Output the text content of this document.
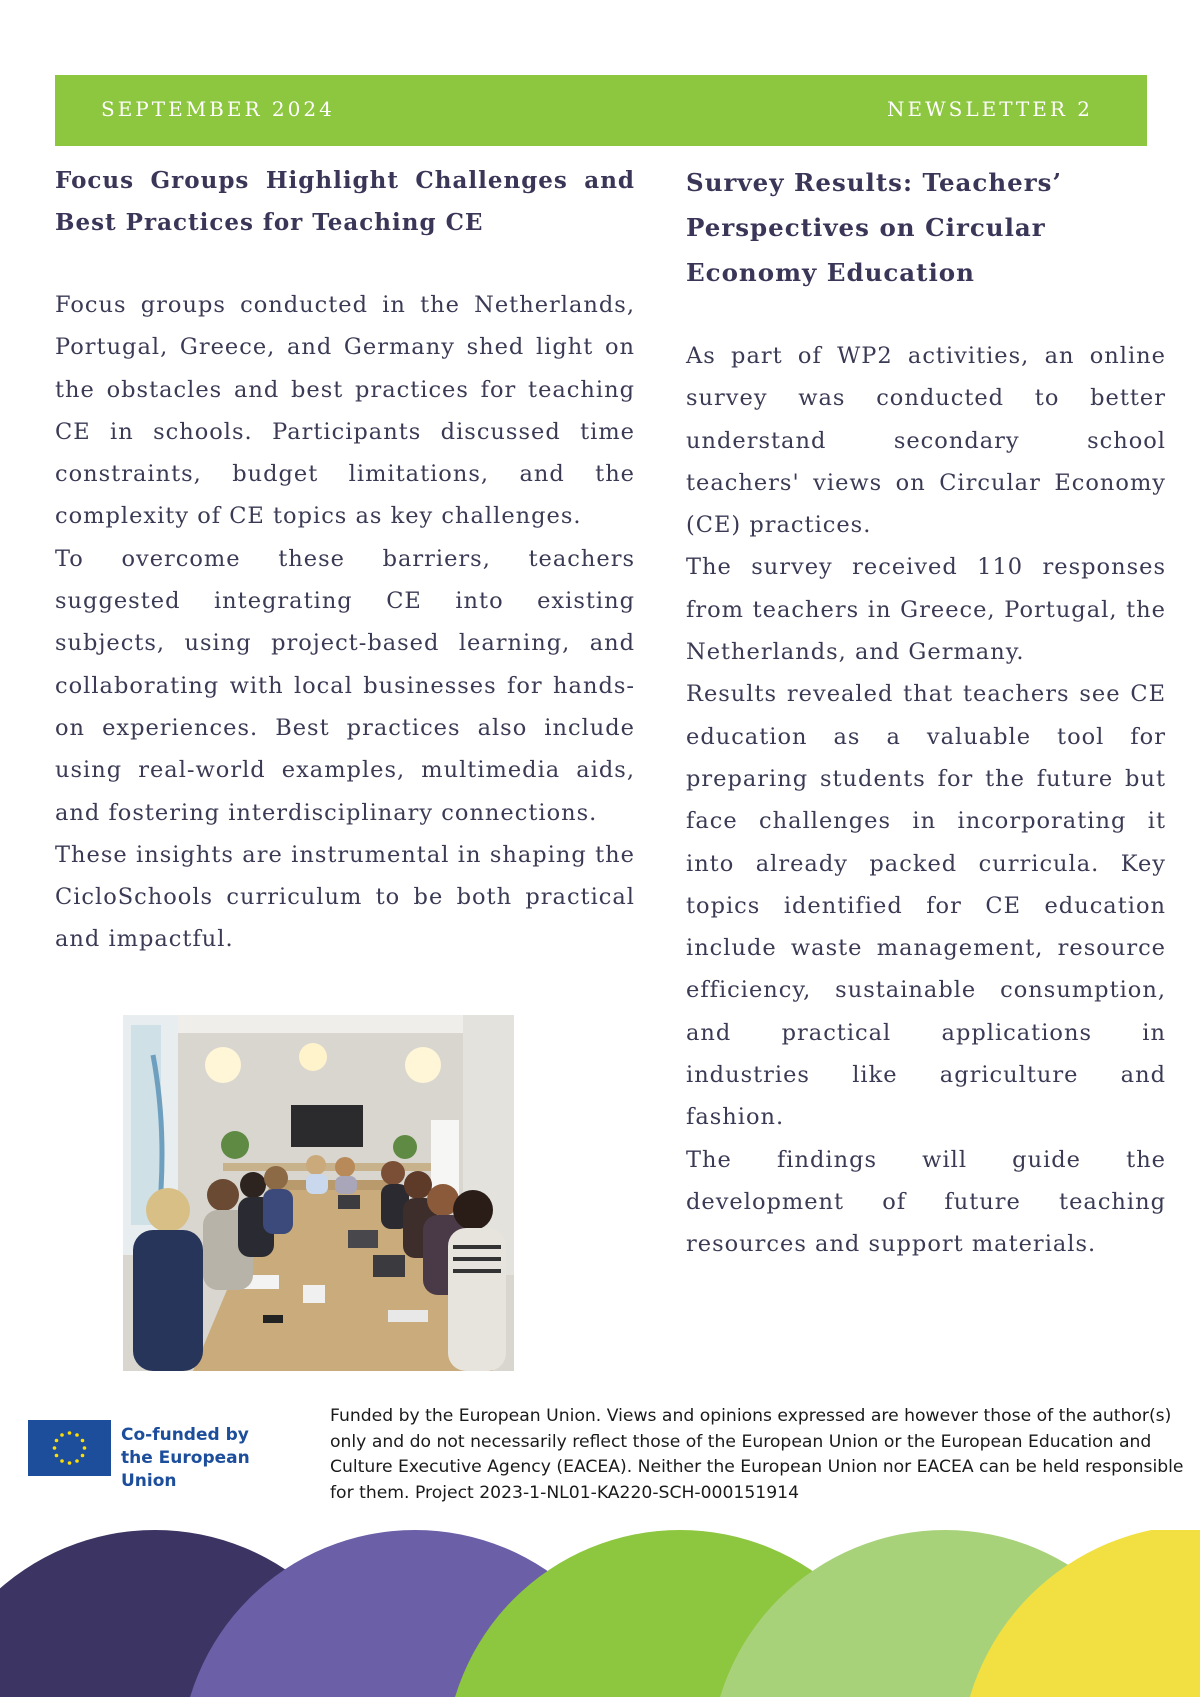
SEPTEMBER 2024	NEWSLETTER 2
Focus Groups Highlight Challenges and Best Practices for Teaching CE

Focus groups conducted in the Netherlands, Portugal, Greece, and Germany shed light on the obstacles and best practices for teaching CE in schools. Participants discussed time constraints, budget limitations, and the complexity of CE topics as key challenges.

To overcome these barriers, teachers suggested integrating CE into existing subjects, using project-based learning, and collaborating with local businesses for hands-on experiences. Best practices also include using real-world examples, multimedia aids, and fostering interdisciplinary connections.

These insights are instrumental in shaping the CicloSchools curriculum to be both practical and impactful.

Survey Results: Teachers’ Perspectives on Circular Economy Education

As part of WP2 activities, an online survey was conducted to better understand secondary school teachers' views on Circular Economy (CE) practices.

The survey received 110 responses from teachers in Greece, Portugal, the Netherlands, and Germany.

Results revealed that teachers see CE education as a valuable tool for preparing students for the future but face challenges in incorporating it into already packed curricula. Key topics identified for CE education include waste management, resource efficiency, sustainable consumption, and practical applications in industries like agriculture and fashion.

The findings will guide the development of future teaching resources and support materials.

Co-funded by
the European Union
Funded by the European Union. Views and opinions expressed are however those of the author(s) only and do not necessarily reflect those of the European Union or the European Education and Culture Executive Agency (EACEA). Neither the European Union nor EACEA can be held responsible for them. Project 2023-1-NL01-KA220-SCH-000151914
